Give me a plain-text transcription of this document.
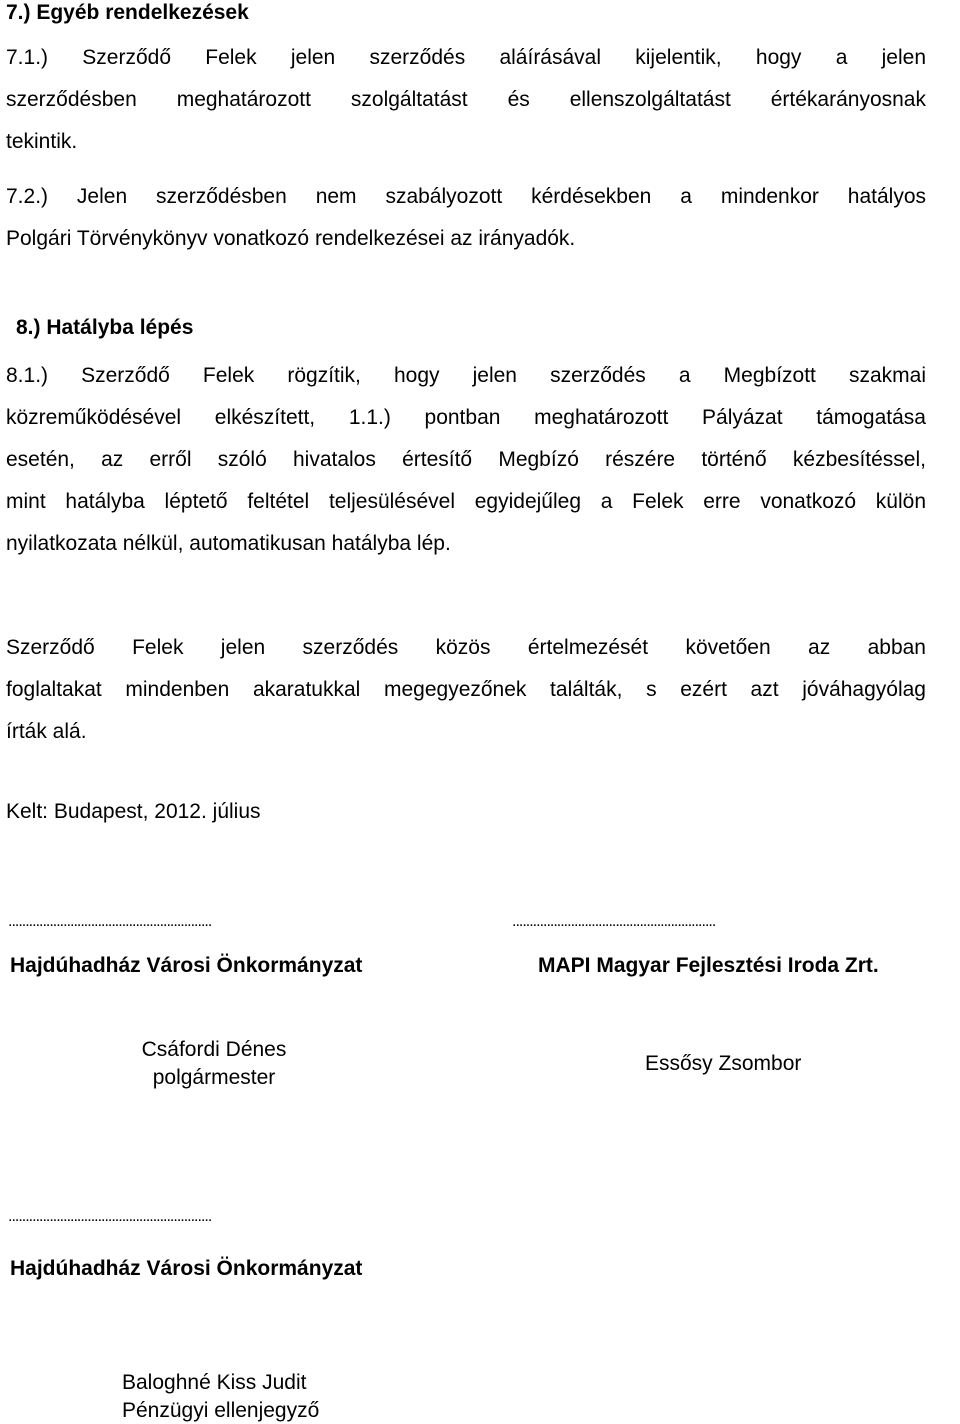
7.) Egyéb rendelkezések
7.1.) Szerződő Felek jelen szerződés aláírásával kijelentik, hogy a jelen
szerződésben meghatározott szolgáltatást és ellenszolgáltatást értékarányosnak
tekintik.
7.2.) Jelen szerződésben nem szabályozott kérdésekben a mindenkor hatályos
Polgári Törvénykönyv vonatkozó rendelkezései az irányadók.
8.) Hatályba lépés
8.1.) Szerződő Felek rögzítik, hogy jelen szerződés a Megbízott szakmai
közreműködésével elkészített, 1.1.) pontban meghatározott Pályázat támogatása
esetén, az erről szóló hivatalos értesítő Megbízó részére történő kézbesítéssel,
mint hatályba léptető feltétel teljesülésével egyidejűleg a Felek erre vonatkozó külön
nyilatkozata nélkül, automatikusan hatályba lép.
Szerződő Felek jelen szerződés közös értelmezését követően az abban
foglaltakat mindenben akaratukkal megegyezőnek találták, s ezért azt jóváhagyólag
írták alá.
Kelt: Budapest, 2012. július
...........................................................	...........................................................
Hajdúhadház Városi Önkormányzat	MAPI Magyar Fejlesztési Iroda Zrt.
Csáfordi Dénes
polgármester
Essősy Zsombor
...........................................................
Hajdúhadház Városi Önkormányzat
Baloghné Kiss Judit
Pénzügyi ellenjegyző
